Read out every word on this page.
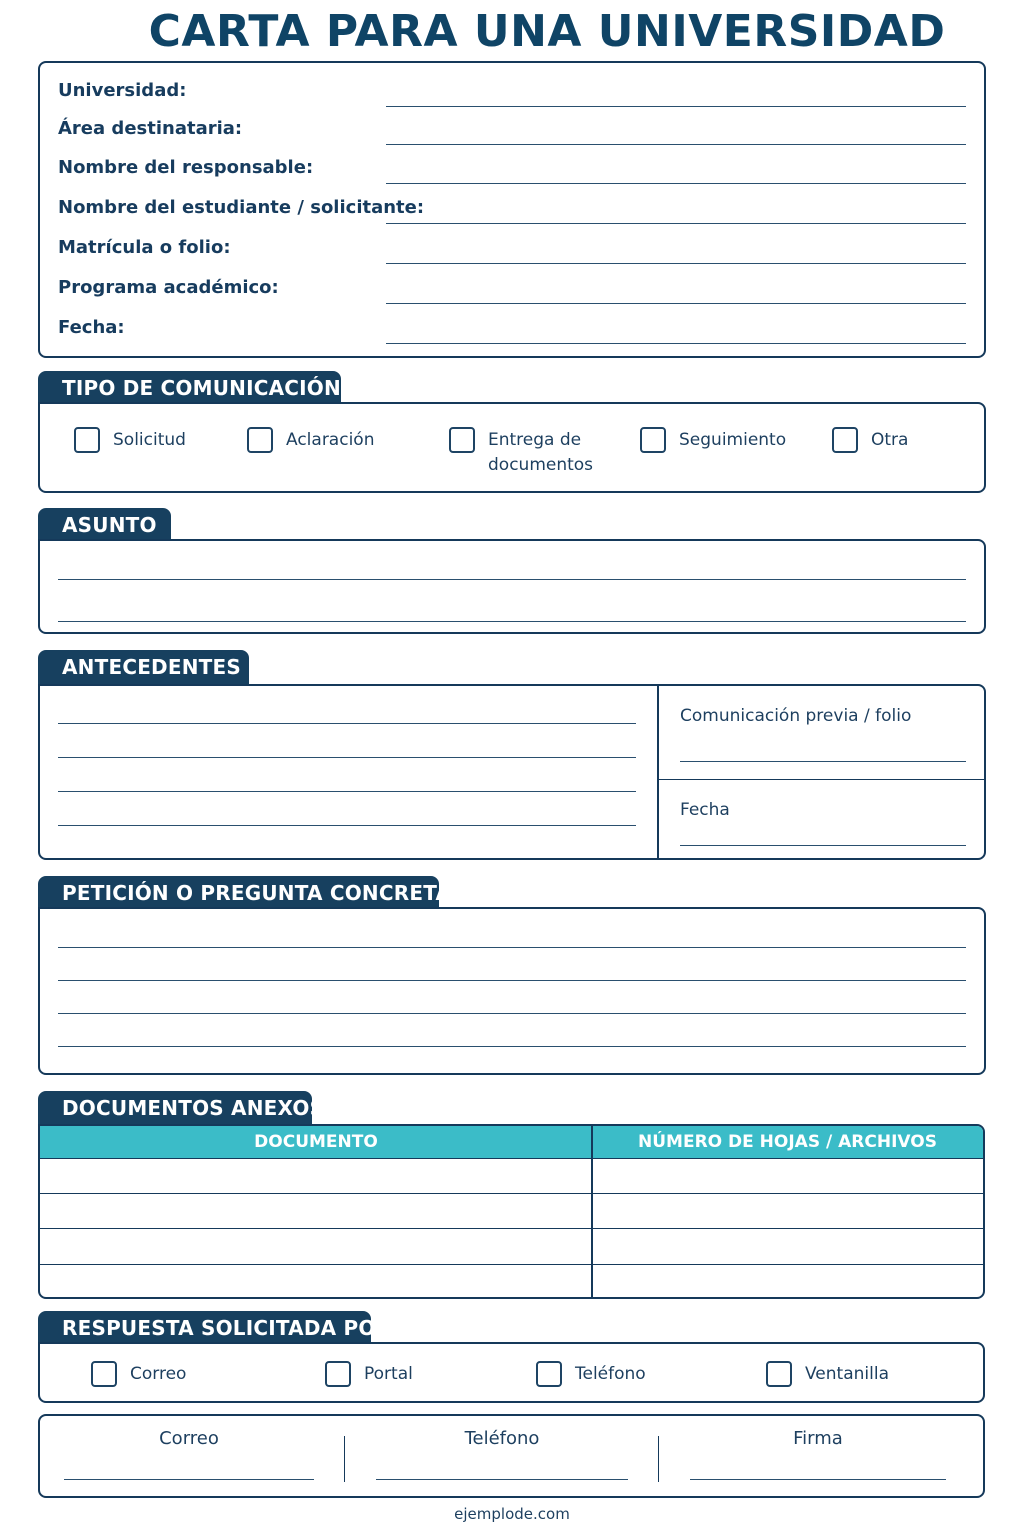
CARTA PARA UNA UNIVERSIDAD
Universidad:
Área destinataria:
Nombre del responsable:
Nombre del estudiante / solicitante:
Matrícula o folio:
Programa académico:
Fecha:
TIPO DE COMUNICACIÓN
Solicitud	Aclaración	Entrega de documentos
Seguimiento	Otra
ASUNTO
ANTECEDENTES
Comunicación previa / folio
Fecha
PETICIÓN O PREGUNTA CONCRETA
DOCUMENTOS ANEXOS
DOCUMENTO	NÚMERO DE HOJAS / ARCHIVOS
RESPUESTA SOLICITADA POR
Correo	Portal	Teléfono	Ventanilla
Correo	Teléfono	Firma
ejemplode.com
